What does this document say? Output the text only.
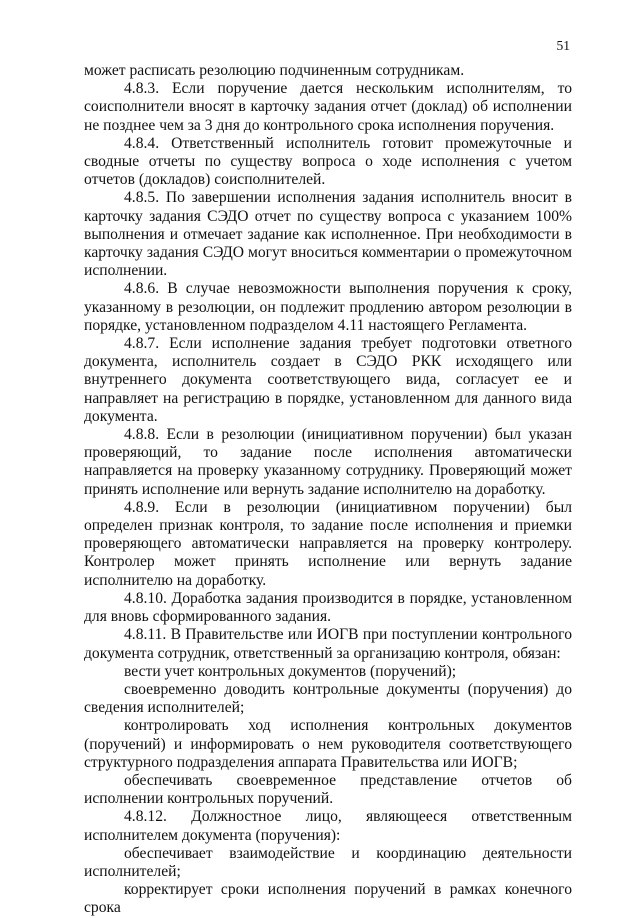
51

может расписать резолюцию подчиненным сотрудникам.

4.8.3. Если поручение дается нескольким исполнителям, то соисполнители вносят в карточку задания отчет (доклад) об исполнении не позднее чем за 3 дня до контрольного срока исполнения поручения.

4.8.4. Ответственный исполнитель готовит промежуточные и сводные отчеты по существу вопроса о ходе исполнения с учетом отчетов (докладов) соисполнителей.

4.8.5. По завершении исполнения задания исполнитель вносит в карточку задания СЭДО отчет по существу вопроса с указанием 100% выполнения и отмечает задание как исполненное. При необходимости в карточку задания СЭДО могут вноситься комментарии о промежуточном исполнении.

4.8.6. В случае невозможности выполнения поручения к сроку, указанному в резолюции, он подлежит продлению автором резолюции в порядке, установленном подразделом 4.11 настоящего Регламента.

4.8.7. Если исполнение задания требует подготовки ответного документа, исполнитель создает в СЭДО РКК исходящего или внутреннего документа соответствующего вида, согласует ее и направляет на регистрацию в порядке, установленном для данного вида документа.

4.8.8. Если в резолюции (инициативном поручении) был указан проверяющий, то задание после исполнения автоматически направляется на проверку указанному сотруднику. Проверяющий может принять исполнение или вернуть задание исполнителю на доработку.

4.8.9. Если в резолюции (инициативном поручении) был определен признак контроля, то задание после исполнения и приемки проверяющего автоматически направляется на проверку контролеру. Контролер может принять исполнение или вернуть задание исполнителю на доработку.

4.8.10. Доработка задания производится в порядке, установленном для вновь сформированного задания.

4.8.11. В Правительстве или ИОГВ при поступлении контрольного документа сотрудник, ответственный за организацию контроля, обязан:

вести учет контрольных документов (поручений);

своевременно доводить контрольные документы (поручения) до сведения исполнителей;

контролировать ход исполнения контрольных документов (поручений) и информировать о нем руководителя соответствующего структурного подразделения аппарата Правительства или ИОГВ;

обеспечивать своевременное представление отчетов об исполнении контрольных поручений.

4.8.12. Должностное лицо, являющееся ответственным исполнителем документа (поручения):

обеспечивает взаимодействие и координацию деятельности исполнителей;

корректирует сроки исполнения поручений в рамках конечного срока
